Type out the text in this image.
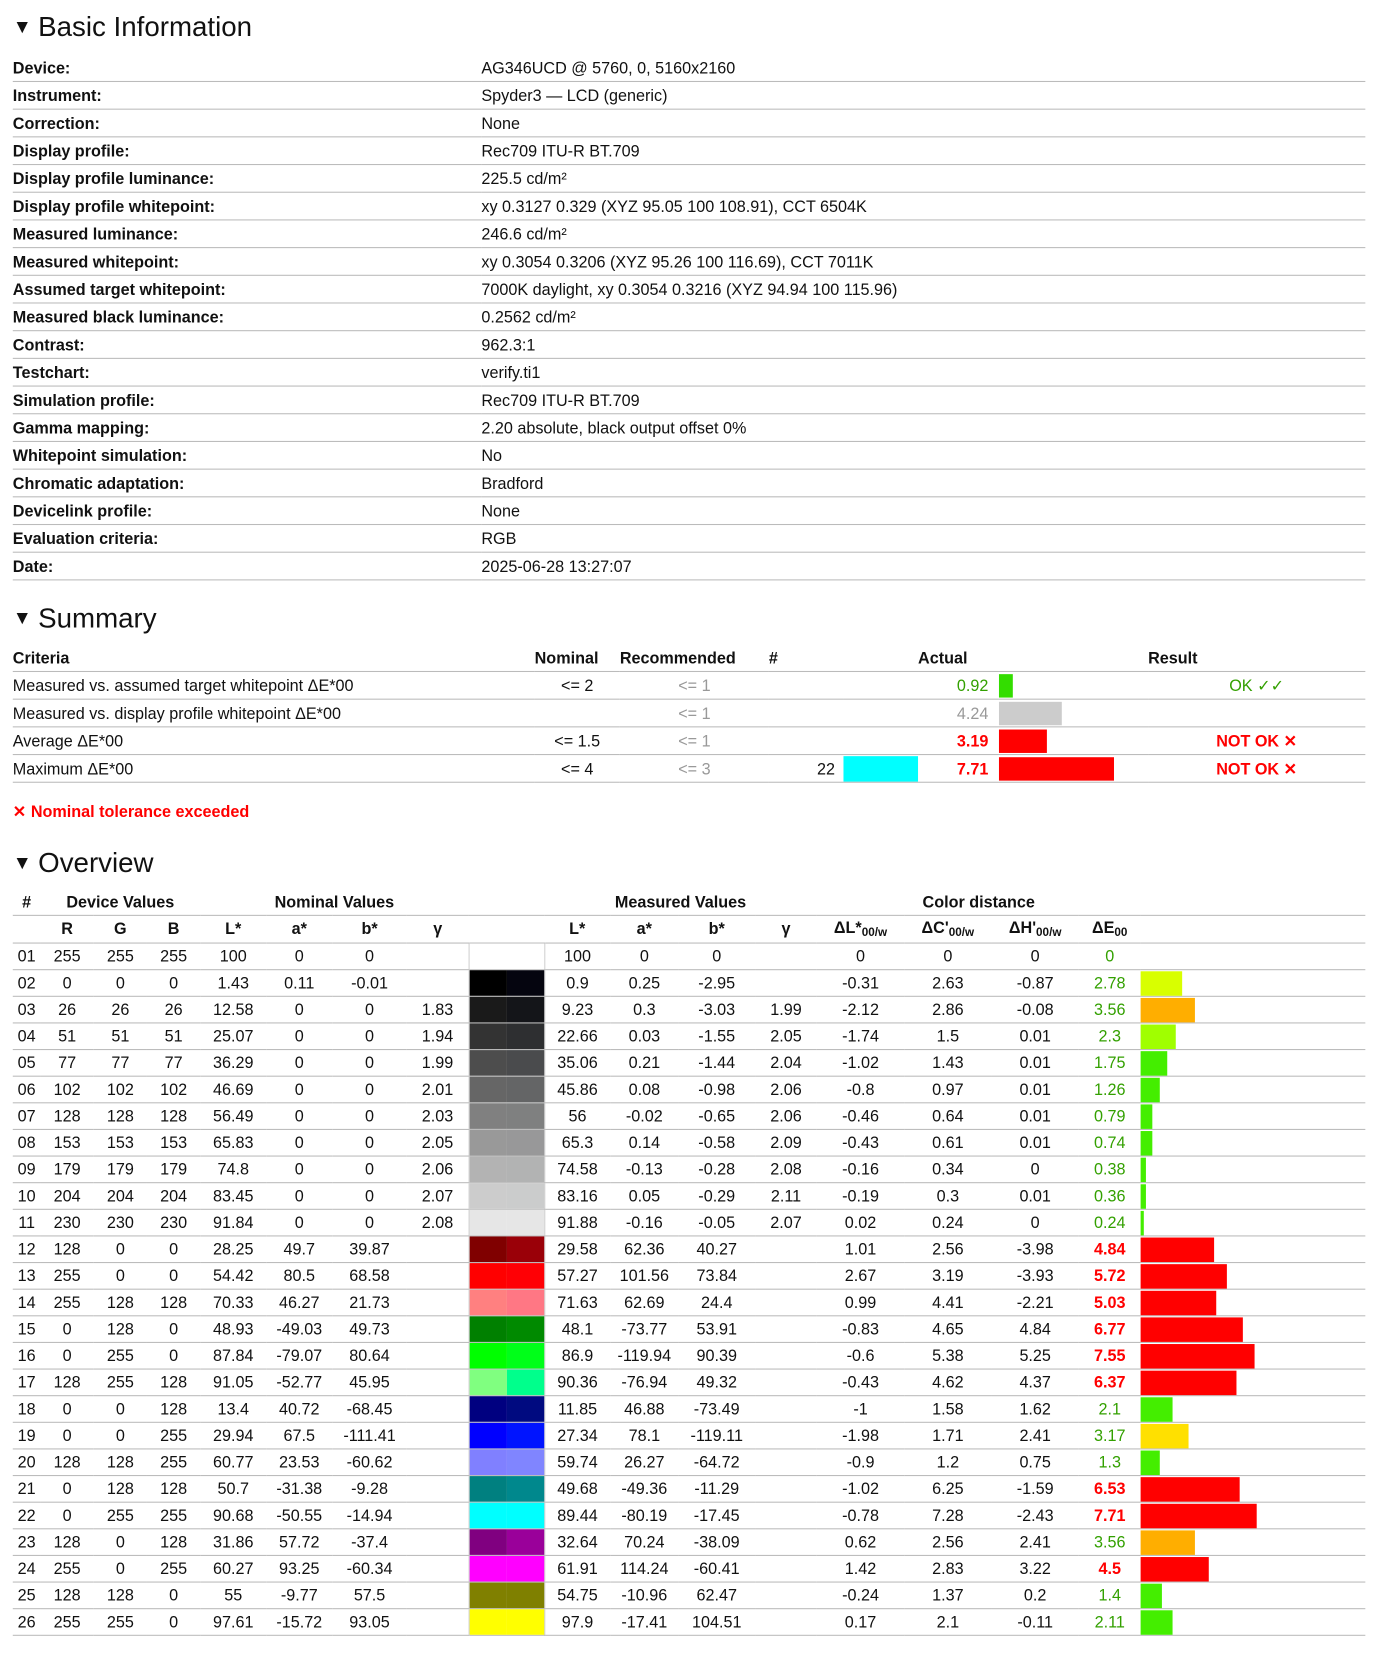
▼ Basic Information
Device:	AG346UCD @ 5760, 0, 5160x2160
Instrument:	Spyder3 — LCD (generic)
Correction:	None
Display profile:	Rec709 ITU-R BT.709
Display profile luminance:	225.5 cd/m²
Display profile whitepoint:	xy 0.3127 0.329 (XYZ 95.05 100 108.91), CCT 6504K
Measured luminance:	246.6 cd/m²
Measured whitepoint:	xy 0.3054 0.3206 (XYZ 95.26 100 116.69), CCT 7011K
Assumed target whitepoint:	7000K daylight, xy 0.3054 0.3216 (XYZ 94.94 100 115.96)
Measured black luminance:	0.2562 cd/m²
Contrast:	962.3:1
Testchart:	verify.ti1
Simulation profile:	Rec709 ITU-R BT.709
Gamma mapping:	2.20 absolute, black output offset 0%
Whitepoint simulation:	No
Chromatic adaptation:	Bradford
Devicelink profile:	None
Evaluation criteria:	RGB
Date:	2025-06-28 13:27:07
▼ Summary
Criteria	Nominal	Recommended	#		Actual		Result
Measured vs. assumed target whitepoint ΔE*00	<= 2	<= 1			0.92		OK ✓✓
Measured vs. display profile whitepoint ΔE*00		<= 1			4.24		
Average ΔE*00	<= 1.5	<= 1			3.19		NOT OK ✕
Maximum ΔE*00	<= 4	<= 3	22		7.71		NOT OK ✕
✕ Nominal tolerance exceeded
▼ Overview
#	Device Values			Nominal Values					Measured Values				Color distance				
	R	G	B	L*	a*	b*	γ		L*	a*	b*	γ	$\Delta L*_{00/w}$	$\Delta C'_{00/w}$	$\Delta H'_{00/w}$	$\Delta E_{00}$	
01	255	255	255	100	0	0			100	0	0		0	0	0	0	
02	0	0	0	1.43	0.11	-0.01			0.9	0.25	-2.95		-0.31	2.63	-0.87	2.78	
03	26	26	26	12.58	0	0	1.83		9.23	0.3	-3.03	1.99	-2.12	2.86	-0.08	3.56	
04	51	51	51	25.07	0	0	1.94		22.66	0.03	-1.55	2.05	-1.74	1.5	0.01	2.3	
05	77	77	77	36.29	0	0	1.99		35.06	0.21	-1.44	2.04	-1.02	1.43	0.01	1.75	
06	102	102	102	46.69	0	0	2.01		45.86	0.08	-0.98	2.06	-0.8	0.97	0.01	1.26	
07	128	128	128	56.49	0	0	2.03		56	-0.02	-0.65	2.06	-0.46	0.64	0.01	0.79	
08	153	153	153	65.83	0	0	2.05		65.3	0.14	-0.58	2.09	-0.43	0.61	0.01	0.74	
09	179	179	179	74.8	0	0	2.06		74.58	-0.13	-0.28	2.08	-0.16	0.34	0	0.38	
10	204	204	204	83.45	0	0	2.07		83.16	0.05	-0.29	2.11	-0.19	0.3	0.01	0.36	
11	230	230	230	91.84	0	0	2.08		91.88	-0.16	-0.05	2.07	0.02	0.24	0	0.24	
12	128	0	0	28.25	49.7	39.87			29.58	62.36	40.27		1.01	2.56	-3.98	4.84	
13	255	0	0	54.42	80.5	68.58			57.27	101.56	73.84		2.67	3.19	-3.93	5.72	
14	255	128	128	70.33	46.27	21.73			71.63	62.69	24.4		0.99	4.41	-2.21	5.03	
15	0	128	0	48.93	-49.03	49.73			48.1	-73.77	53.91		-0.83	4.65	4.84	6.77	
16	0	255	0	87.84	-79.07	80.64			86.9	-119.94	90.39		-0.6	5.38	5.25	7.55	
17	128	255	128	91.05	-52.77	45.95			90.36	-76.94	49.32		-0.43	4.62	4.37	6.37	
18	0	0	128	13.4	40.72	-68.45			11.85	46.88	-73.49		-1	1.58	1.62	2.1	
19	0	0	255	29.94	67.5	-111.41			27.34	78.1	-119.11		-1.98	1.71	2.41	3.17	
20	128	128	255	60.77	23.53	-60.62			59.74	26.27	-64.72		-0.9	1.2	0.75	1.3	
21	0	128	128	50.7	-31.38	-9.28			49.68	-49.36	-11.29		-1.02	6.25	-1.59	6.53	
22	0	255	255	90.68	-50.55	-14.94			89.44	-80.19	-17.45		-0.78	7.28	-2.43	7.71	
23	128	0	128	31.86	57.72	-37.4			32.64	70.24	-38.09		0.62	2.56	2.41	3.56	
24	255	0	255	60.27	93.25	-60.34			61.91	114.24	-60.41		1.42	2.83	3.22	4.5	
25	128	128	0	55	-9.77	57.5			54.75	-10.96	62.47		-0.24	1.37	0.2	1.4	
26	255	255	0	97.61	-15.72	93.05			97.9	-17.41	104.51		0.17	2.1	-0.11	2.11	
